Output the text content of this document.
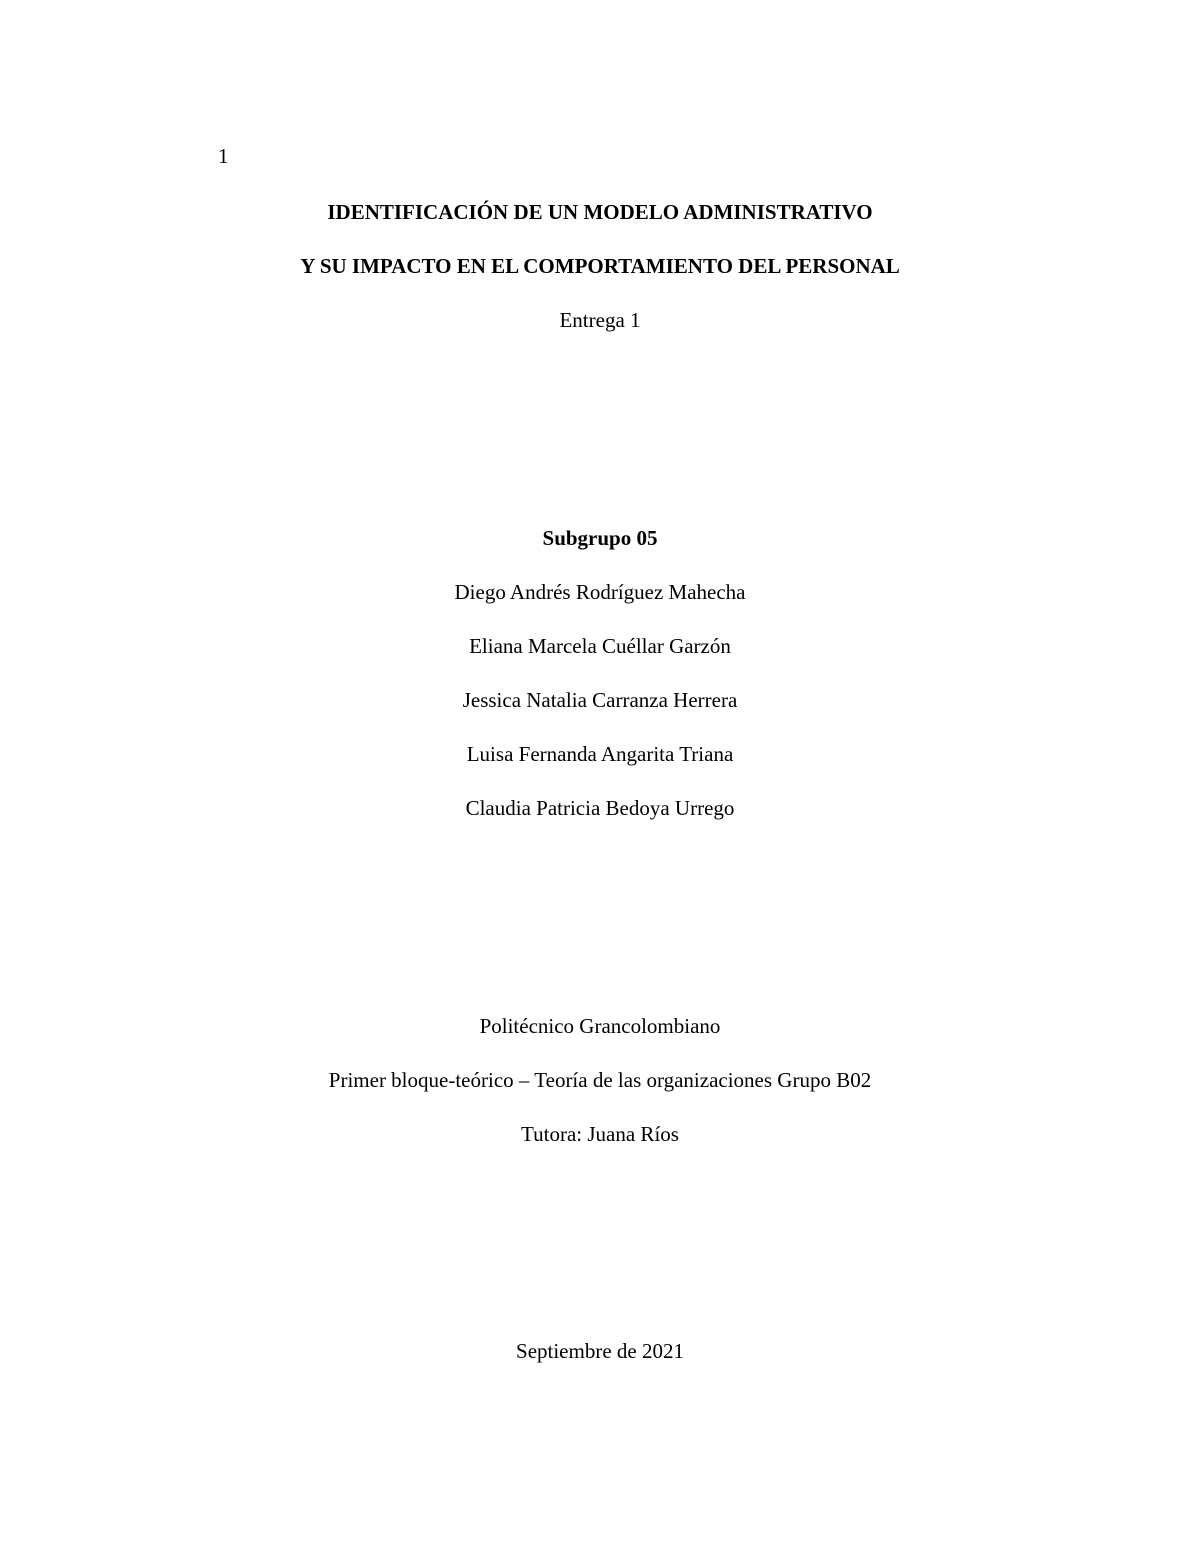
1
IDENTIFICACIÓN DE UN MODELO ADMINISTRATIVO
Y SU IMPACTO EN EL COMPORTAMIENTO DEL PERSONAL
Entrega 1
Subgrupo 05
Diego Andrés Rodríguez Mahecha
Eliana Marcela Cuéllar Garzón
Jessica Natalia Carranza Herrera
Luisa Fernanda Angarita Triana
Claudia Patricia Bedoya Urrego
Politécnico Grancolombiano
Primer bloque-teórico – Teoría de las organizaciones Grupo B02
Tutora: Juana Ríos
Septiembre de 2021
